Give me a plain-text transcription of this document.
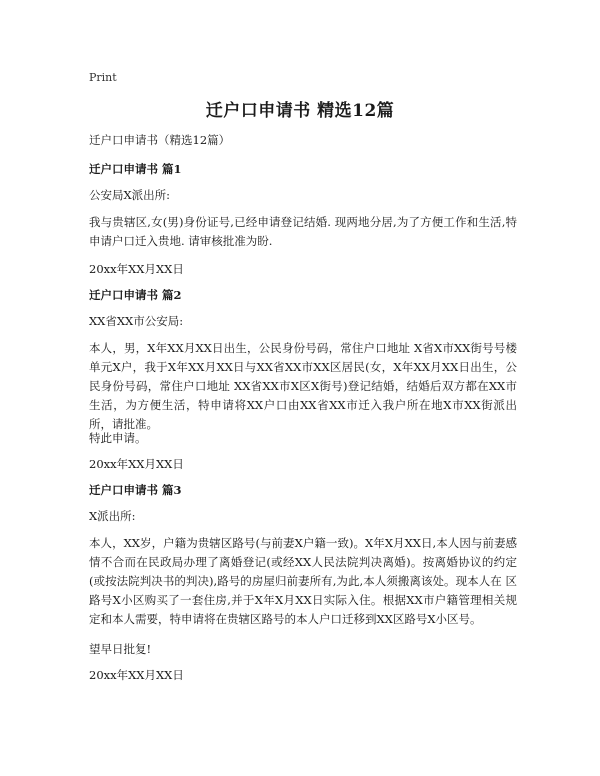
Print
迁户口申请书 精选12篇

迁户口申请书（精选12篇）

迁户口申请书 篇1

公安局X派出所:

我与贵辖区,女(男)身份证号,已经申请登记结婚. 现两地分居,为了方便工作和生活,特申请户口迁入贵地. 请审核批准为盼.

20xx年XX月XX日

迁户口申请书 篇2

XX省XX市公安局:

本人，男，X年XX月XX日出生，公民身份号码，常住户口地址 X省X市XX街号号楼单元X户，我于X年XX月XX日与XX省XX市XX区居民(女，X年XX月XX日出生，公民身份号码，常住户口地址 XX省XX市X区X街号)登记结婚，结婚后双方都在XX市生活，为方便生活，特申请将XX户口由XX省XX市迁入我户所在地X市XX街派出所，请批准。

特此申请。

20xx年XX月XX日

迁户口申请书 篇3

X派出所:

本人，XX岁，户籍为贵辖区路号(与前妻X户籍一致)。X年X月XX日,本人因与前妻感情不合而在民政局办理了离婚登记(或经XX人民法院判决离婚)。按离婚协议的约定(或按法院判决书的判决),路号的房屋归前妻所有,为此,本人须搬离该处。现本人在 区路号X小区购买了一套住房,并于X年X月XX日实际入住。根据XX市户籍管理相关规定和本人需要，特申请将在贵辖区路号的本人户口迁移到XX区路号X小区号。

望早日批复!

20xx年XX月XX日
